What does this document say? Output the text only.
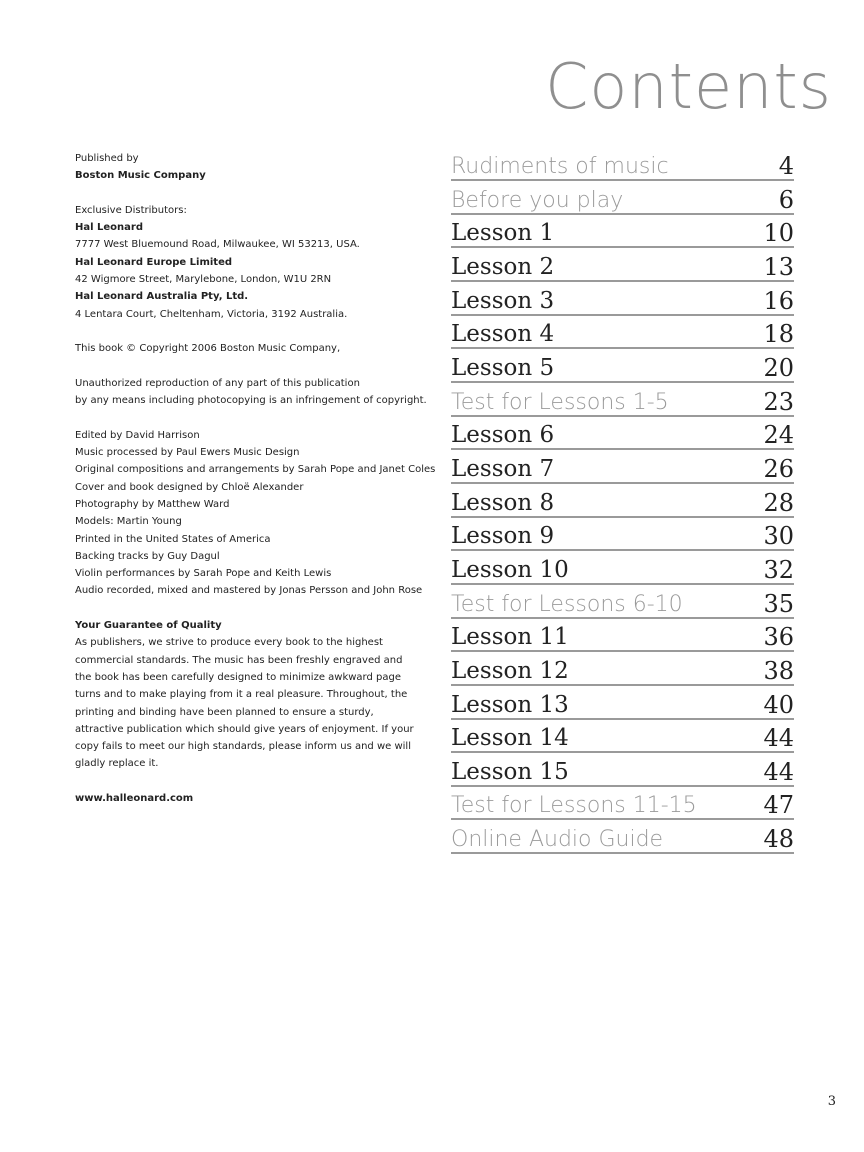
Contents
Published by
Boston Music Company
Exclusive Distributors:
Hal Leonard
7777 West Bluemound Road, Milwaukee, WI 53213, USA.
Hal Leonard Europe Limited
42 Wigmore Street, Marylebone, London, W1U 2RN
Hal Leonard Australia Pty, Ltd.
4 Lentara Court, Cheltenham, Victoria, 3192 Australia.
This book © Copyright 2006 Boston Music Company,
Unauthorized reproduction of any part of this publication
by any means including photocopying is an infringement of copyright.
Edited by David Harrison
Music processed by Paul Ewers Music Design
Original compositions and arrangements by Sarah Pope and Janet Coles
Cover and book designed by Chloë Alexander
Photography by Matthew Ward
Models: Martin Young
Printed in the United States of America
Backing tracks by Guy Dagul
Violin performances by Sarah Pope and Keith Lewis
Audio recorded, mixed and mastered by Jonas Persson and John Rose
Your Guarantee of Quality
As publishers, we strive to produce every book to the highest commercial standards. The music has been freshly engraved and the book has been carefully designed to minimize awkward page turns and to make playing from it a real pleasure. Throughout, the printing and binding have been planned to ensure a sturdy, attractive publication which should give years of enjoyment. If your copy fails to meet our high standards, please inform us and we will gladly replace it.
www.halleonard.com
Rudiments of music	4
Before you play	6
Lesson 1	10
Lesson 2	13
Lesson 3	16
Lesson 4	18
Lesson 5	20
Test for Lessons 1-5	23
Lesson 6	24
Lesson 7	26
Lesson 8	28
Lesson 9	30
Lesson 10	32
Test for Lessons 6-10	35
Lesson 11	36
Lesson 12	38
Lesson 13	40
Lesson 14	44
Lesson 15	44
Test for Lessons 11-15	47
Online Audio Guide	48
3
